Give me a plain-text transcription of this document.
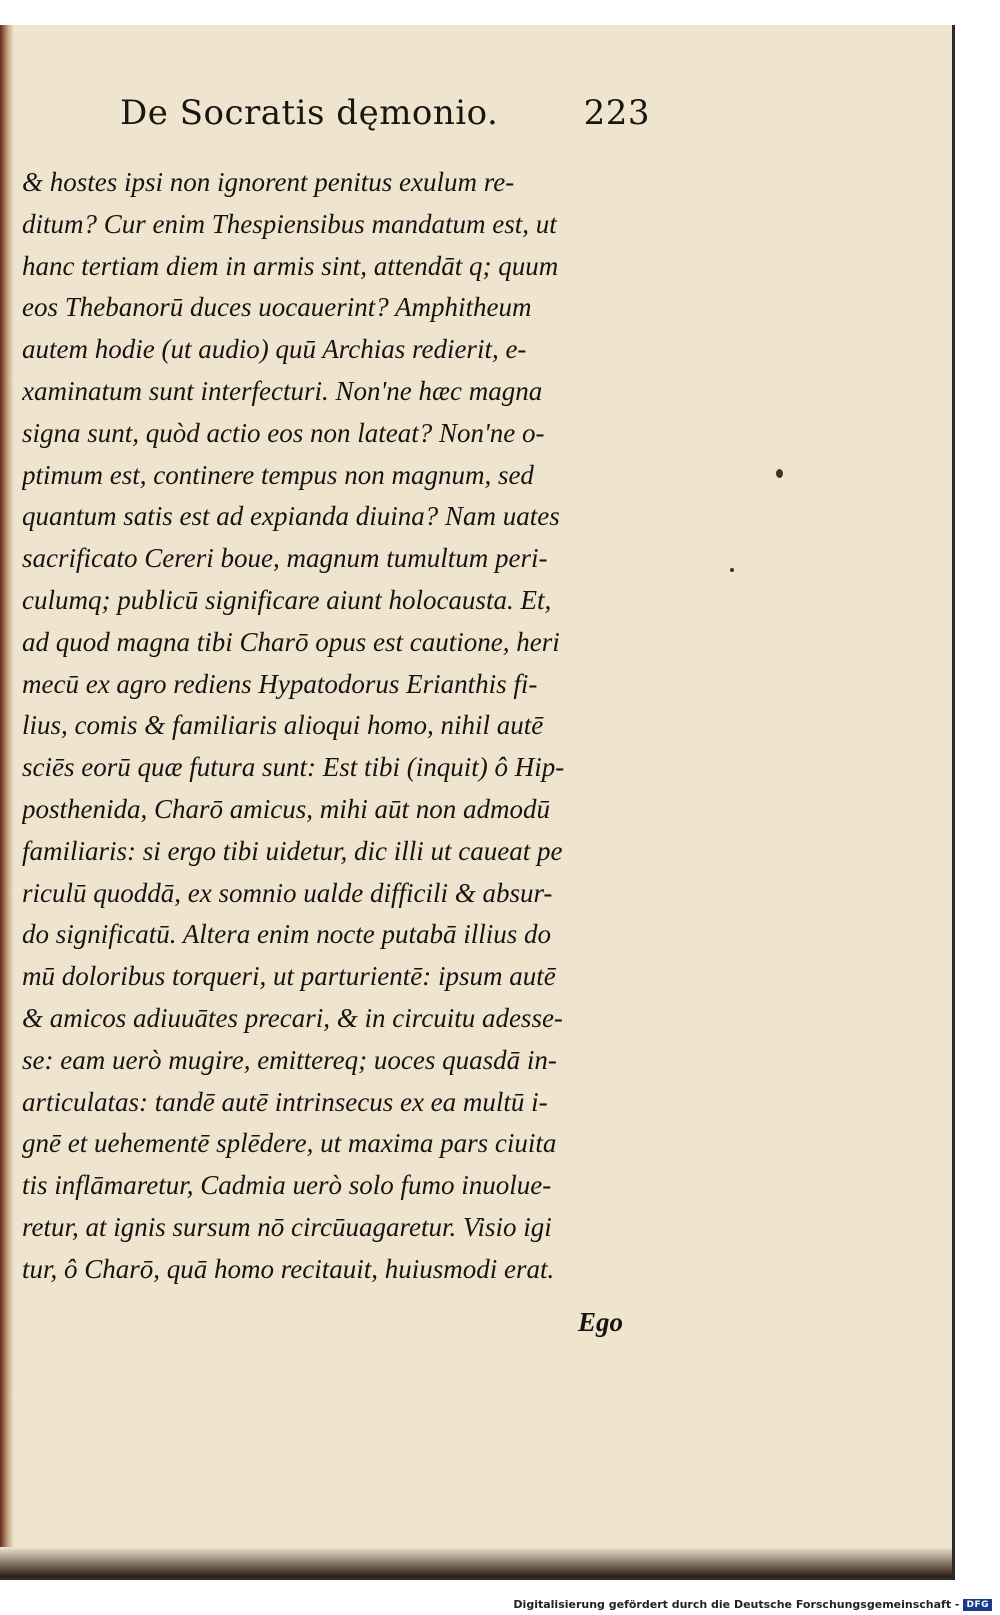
De Socratis dęmonio.	223
& hostes ipsi non ignorent penitus exulum re-
ditum? Cur enim Thespiensibus mandatum est, ut
hanc tertiam diem in armis sint, attendāt q; quum
eos Thebanorū duces uocauerint? Amphitheum
autem hodie (ut audio) quū Archias redierit, e-
xaminatum sunt interfecturi. Non'ne hæc magna
signa sunt, quòd actio eos non lateat? Non'ne o-
ptimum est, continere tempus non magnum, sed
quantum satis est ad expianda diuina? Nam uates
sacrificato Cereri boue, magnum tumultum peri-
culumq; publicū significare aiunt holocausta. Et,
ad quod magna tibi Charō opus est cautione, heri
mecū ex agro rediens Hypatodorus Erianthis fi-
lius, comis & familiaris alioqui homo, nihil autē
sciēs eorū quæ futura sunt: Est tibi (inquit) ô Hip-
posthenida, Charō amicus, mihi aūt non admodū
familiaris: si ergo tibi uidetur, dic illi ut caueat pe
riculū quoddā, ex somnio ualde difficili & absur-
do significatū. Altera enim nocte putabā illius do
mū doloribus torqueri, ut parturientē: ipsum autē
& amicos adiuuātes precari, & in circuitu adesse-
se: eam uerò mugire, emittereq; uoces quasdā in-
articulatas: tandē autē intrinsecus ex ea multū i-
gnē et uehementē splēdere, ut maxima pars ciuita
tis inflāmaretur, Cadmia uerò solo fumo inuolue-
retur, at ignis sursum nō circūuagaretur. Visio igi
tur, ô Charō, quā homo recitauit, huiusmodi erat.
Ego
Digitalisierung gefördert durch die Deutsche Forschungsgemeinschaft - DFG
